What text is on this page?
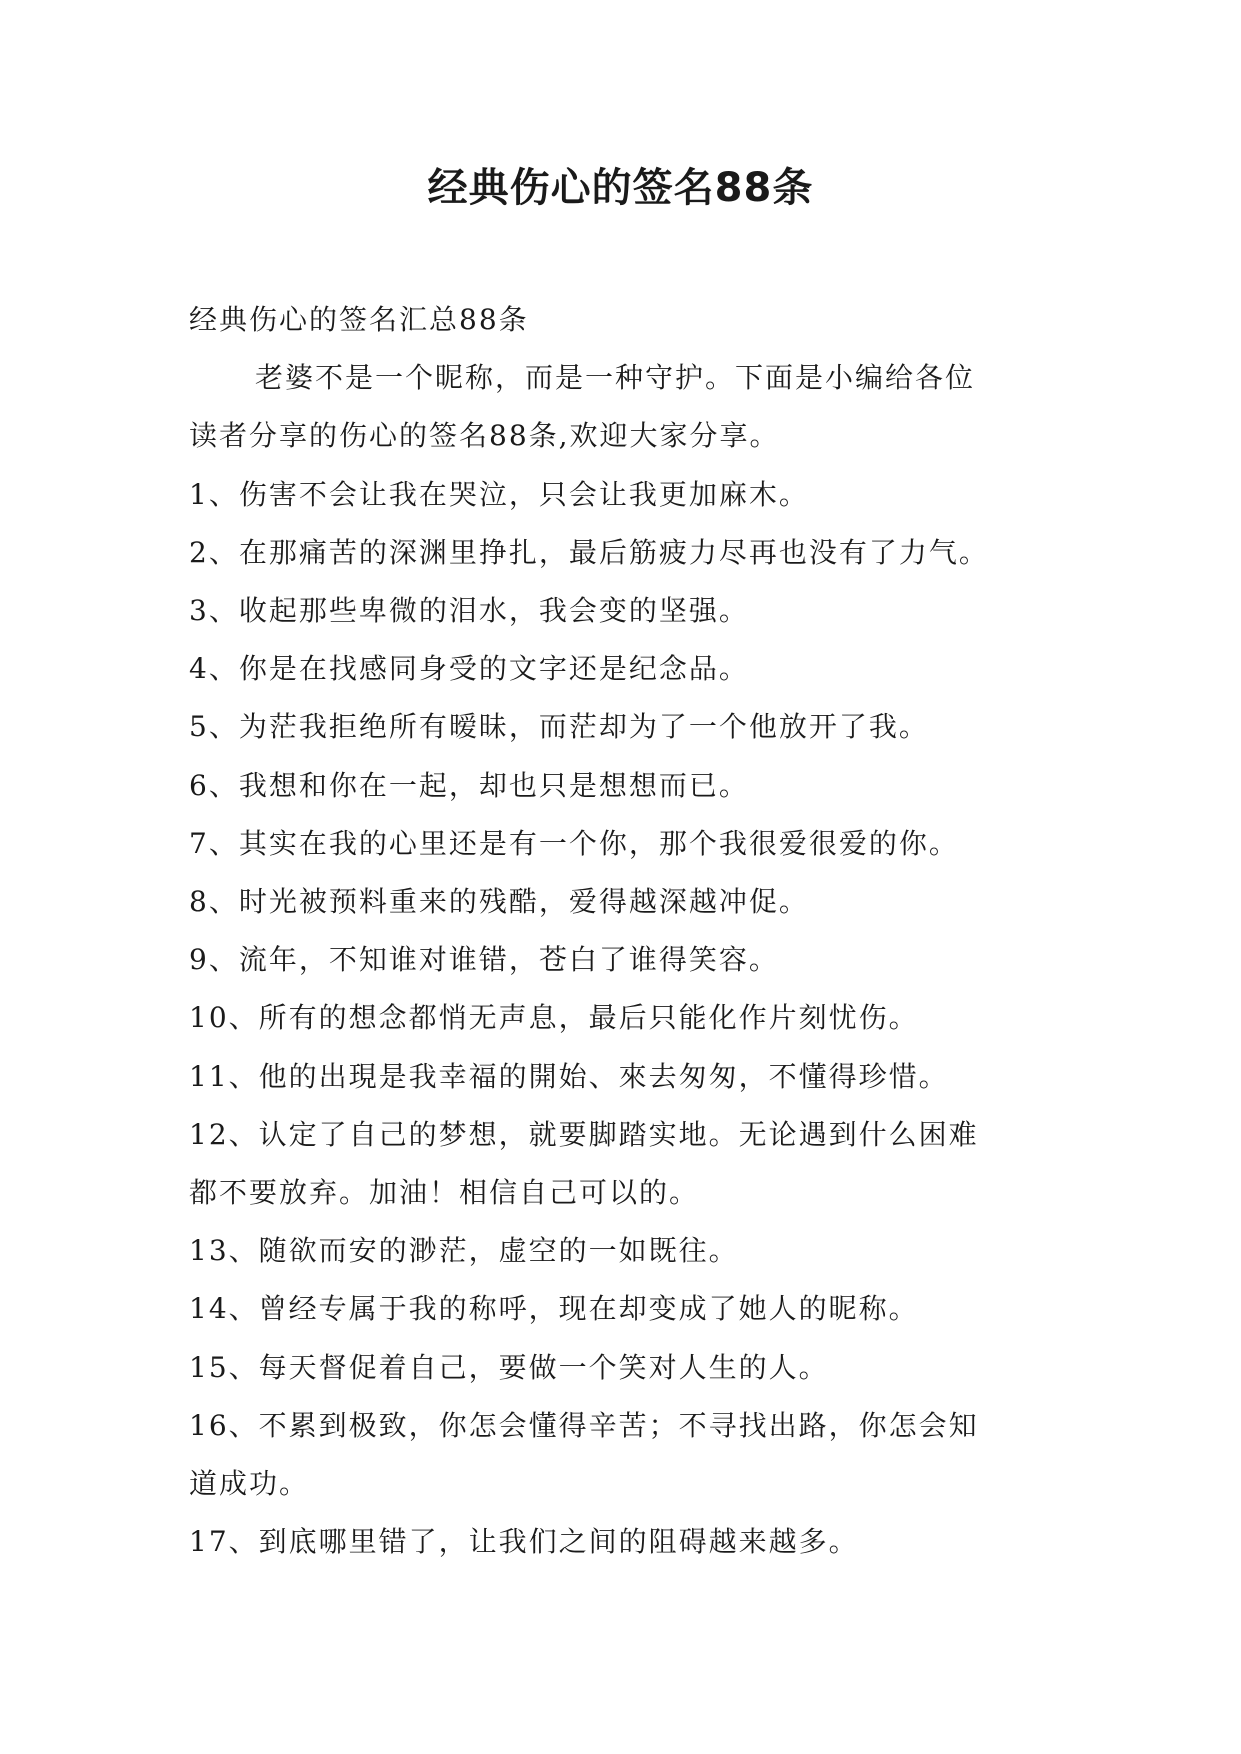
经典伤心的签名88条

经典伤心的签名汇总88条

老婆不是一个昵称，而是一种守护。下面是小编给各位

读者分享的伤心的签名88条,欢迎大家分享。

1、伤害不会让我在哭泣，只会让我更加麻木。

2、在那痛苦的深渊里挣扎，最后筋疲力尽再也没有了力气。

3、收起那些卑微的泪水，我会变的坚强。

4、你是在找感同身受的文字还是纪念品。

5、为茫我拒绝所有暧昧，而茫却为了一个他放开了我。

6、我想和你在一起，却也只是想想而已。

7、其实在我的心里还是有一个你，那个我很爱很爱的你。

8、时光被预料重来的残酷，爱得越深越冲促。

9、流年，不知谁对谁错，苍白了谁得笑容。

10、所有的想念都悄无声息，最后只能化作片刻忧伤。

11、他的出現是我幸福的開始、來去匆匆，不懂得珍惜。

12、认定了自己的梦想，就要脚踏实地。无论遇到什么困难

都不要放弃。加油！相信自己可以的。

13、随欲而安的渺茫，虚空的一如既往。

14、曾经专属于我的称呼，现在却变成了她人的昵称。

15、每天督促着自己，要做一个笑对人生的人。

16、不累到极致，你怎会懂得辛苦；不寻找出路，你怎会知

道成功。

17、到底哪里错了，让我们之间的阻碍越来越多。
